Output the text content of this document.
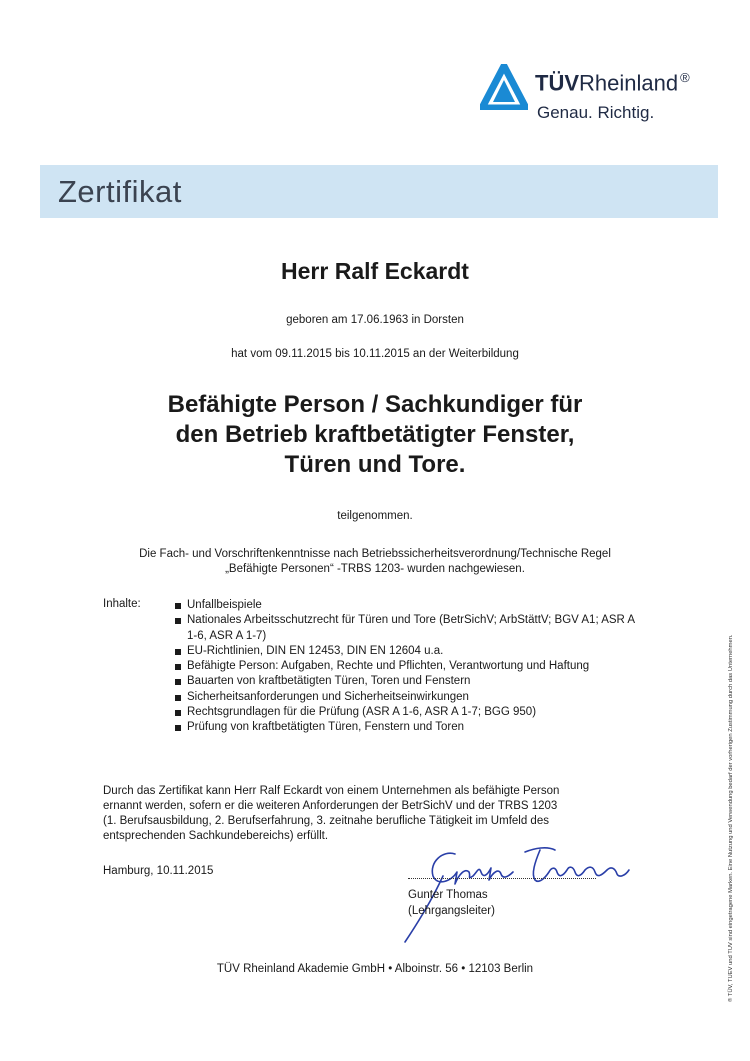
TÜVRheinland ®
Genau. Richtig.
Zertifikat
Herr Ralf Eckardt
geboren am 17.06.1963 in Dorsten
hat vom 09.11.2015 bis 10.11.2015 an der Weiterbildung
Befähigte Person / Sachkundiger für
den Betrieb kraftbetätigter Fenster,
Türen und Tore.
teilgenommen.
Die Fach- und Vorschriftenkenntnisse nach Betriebssicherheitsverordnung/Technische Regel
„Befähigte Personen“ -TRBS 1203- wurden nachgewiesen.
Inhalte:	Unfallbeispiele
Nationales Arbeitsschutzrecht für Türen und Tore (BetrSichV; ArbStättV; BGV A1; ASR A 1-6, ASR A 1-7)
EU-Richtlinien, DIN EN 12453, DIN EN 12604 u.a.
Befähigte Person: Aufgaben, Rechte und Pflichten, Verantwortung und Haftung
Bauarten von kraftbetätigten Türen, Toren und Fenstern
Sicherheitsanforderungen und Sicherheitseinwirkungen
Rechtsgrundlagen für die Prüfung (ASR A 1-6, ASR A 1-7; BGG 950)
Prüfung von kraftbetätigten Türen, Fenstern und Toren
Durch das Zertifikat kann Herr Ralf Eckardt von einem Unternehmen als befähigte Person
ernannt werden, sofern er die weiteren Anforderungen der BetrSichV und der TRBS 1203
(1. Berufsausbildung, 2. Berufserfahrung, 3. zeitnahe berufliche Tätigkeit im Umfeld des
entsprechenden Sachkundebereichs) erfüllt.
Hamburg, 10.11.2015
Gunter Thomas
(Lehrgangsleiter)
TÜV Rheinland Akademie GmbH • Alboinstr. 56 • 12103 Berlin	® TÜV, TUEV und TUV sind eingetragene Marken. Eine Nutzung und Verwendung bedarf der vorherigen Zustimmung durch das Unternehmen.
